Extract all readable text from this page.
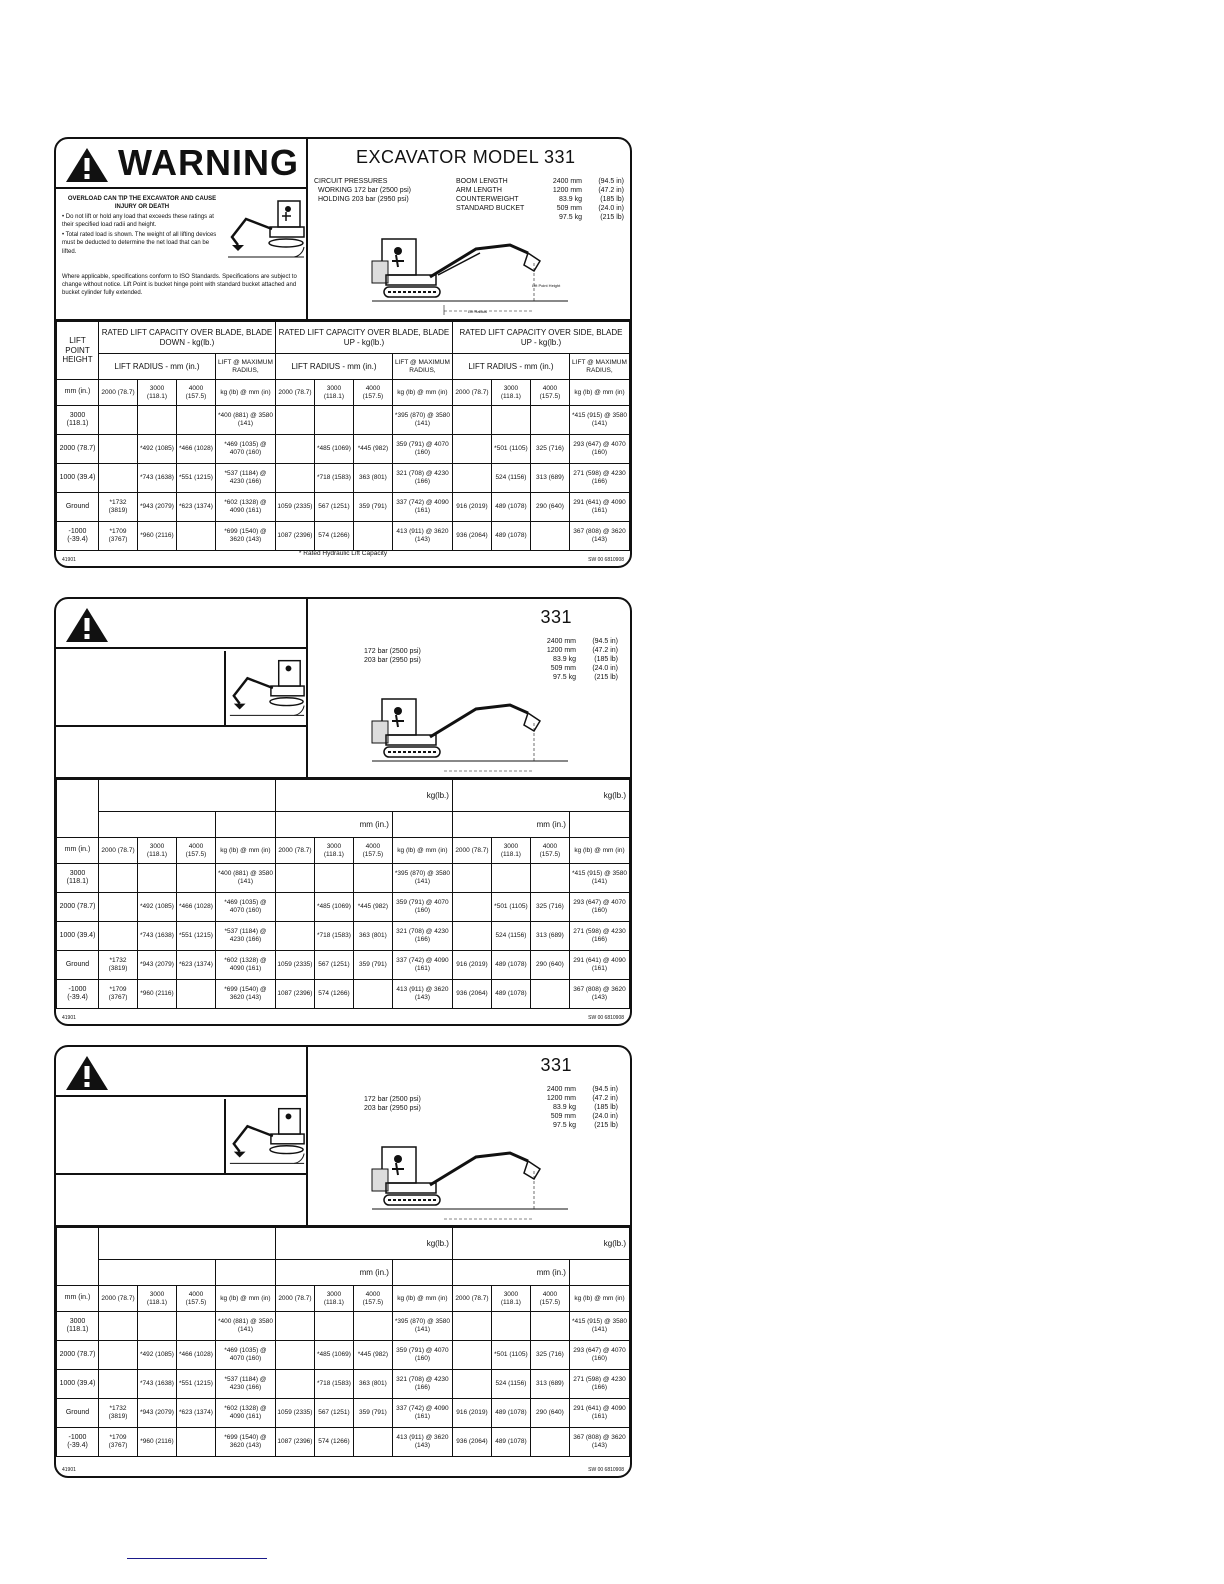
WARNING
OVERLOAD CAN TIP THE EXCAVATOR AND CAUSE INJURY OR DEATH

• Do not lift or hold any load that exceeds these ratings at their specified load radii and height.

• Total rated load is shown. The weight of all lifting devices must be deducted to determine the net load that can be lifted.

Where applicable, specifications conform to ISO Standards. Specifications are subject to change without notice. Lift Point is bucket hinge point with standard bucket attached and bucket cylinder fully extended.
EXCAVATOR MODEL 331
CIRCUIT PRESSURES
WORKING 172 bar (2500 psi)
HOLDING 203 bar (2950 psi)
BOOM LENGTH	2400 mm	(94.5 in)
ARM LENGTH	1200 mm	(47.2 in)
COUNTERWEIGHT	83.9 kg	(185 lb)
STANDARD BUCKET	509 mm	(24.0 in)
97.5 kg	(215 lb)
Lift Point Height
Lift Radius
LIFT POINT HEIGHT	RATED LIFT CAPACITY OVER BLADE, BLADE DOWN - kg(lb.)				RATED LIFT CAPACITY OVER BLADE, BLADE UP - kg(lb.)				RATED LIFT CAPACITY OVER SIDE, BLADE UP - kg(lb.)			
	LIFT RADIUS - mm (in.)			LIFT @ MAXIMUM RADIUS,	LIFT RADIUS - mm (in.)			LIFT @ MAXIMUM RADIUS,	LIFT RADIUS - mm (in.)			LIFT @ MAXIMUM RADIUS,
mm (in.)	2000 (78.7)	3000 (118.1)	4000 (157.5)	kg (lb) @ mm (in)	2000 (78.7)	3000 (118.1)	4000 (157.5)	kg (lb) @ mm (in)	2000 (78.7)	3000 (118.1)	4000 (157.5)	kg (lb) @ mm (in)
3000 (118.1)				*400 (881) @ 3580 (141)				*395 (870) @ 3580 (141)				*415 (915) @ 3580 (141)
2000 (78.7)		*492 (1085)	*466 (1028)	*469 (1035) @ 4070 (160)		*485 (1069)	*445 (982)	359 (791) @ 4070 (160)		*501 (1105)	325 (716)	293 (647) @ 4070 (160)
1000 (39.4)		*743 (1638)	*551 (1215)	*537 (1184) @ 4230 (166)		*718 (1583)	363 (801)	321 (708) @ 4230 (166)		524 (1156)	313 (689)	271 (598) @ 4230 (166)
Ground	*1732 (3819)	*943 (2079)	*623 (1374)	*602 (1328) @ 4090 (161)	1059 (2335)	567 (1251)	359 (791)	337 (742) @ 4090 (161)	916 (2019)	489 (1078)	290 (640)	291 (641) @ 4090 (161)
-1000 (-39.4)	*1709 (3767)	*960 (2116)		*699 (1540) @ 3620 (143)	1087 (2396)	574 (1266)		413 (911) @ 3620 (143)	936 (2064)	489 (1078)		367 (808) @ 3620 (143)
41901
* Rated Hydraulic Lift Capacity
SW 00 6810908
331
172 bar (2500 psi)
203 bar (2950 psi)
2400 mm	(94.5 in)
1200 mm	(47.2 in)
83.9 kg	(185 lb)
509 mm	(24.0 in)
97.5 kg	(215 lb)
					kg(lb.)				kg(lb.)			
					mm (in.)				mm (in.)			
mm (in.)	2000 (78.7)	3000 (118.1)	4000 (157.5)	kg (lb) @ mm (in)	2000 (78.7)	3000 (118.1)	4000 (157.5)	kg (lb) @ mm (in)	2000 (78.7)	3000 (118.1)	4000 (157.5)	kg (lb) @ mm (in)
3000 (118.1)				*400 (881) @ 3580 (141)				*395 (870) @ 3580 (141)				*415 (915) @ 3580 (141)
2000 (78.7)		*492 (1085)	*466 (1028)	*469 (1035) @ 4070 (160)		*485 (1069)	*445 (982)	359 (791) @ 4070 (160)		*501 (1105)	325 (716)	293 (647) @ 4070 (160)
1000 (39.4)		*743 (1638)	*551 (1215)	*537 (1184) @ 4230 (166)		*718 (1583)	363 (801)	321 (708) @ 4230 (166)		524 (1156)	313 (689)	271 (598) @ 4230 (166)
Ground	*1732 (3819)	*943 (2079)	*623 (1374)	*602 (1328) @ 4090 (161)	1059 (2335)	567 (1251)	359 (791)	337 (742) @ 4090 (161)	916 (2019)	489 (1078)	290 (640)	291 (641) @ 4090 (161)
-1000 (-39.4)	*1709 (3767)	*960 (2116)		*699 (1540) @ 3620 (143)	1087 (2396)	574 (1266)		413 (911) @ 3620 (143)	936 (2064)	489 (1078)		367 (808) @ 3620 (143)
41901	SW 00 6810908
331
172 bar (2500 psi)
203 bar (2950 psi)
2400 mm	(94.5 in)
1200 mm	(47.2 in)
83.9 kg	(185 lb)
509 mm	(24.0 in)
97.5 kg	(215 lb)
					kg(lb.)				kg(lb.)			
					mm (in.)				mm (in.)			
mm (in.)	2000 (78.7)	3000 (118.1)	4000 (157.5)	kg (lb) @ mm (in)	2000 (78.7)	3000 (118.1)	4000 (157.5)	kg (lb) @ mm (in)	2000 (78.7)	3000 (118.1)	4000 (157.5)	kg (lb) @ mm (in)
3000 (118.1)				*400 (881) @ 3580 (141)				*395 (870) @ 3580 (141)				*415 (915) @ 3580 (141)
2000 (78.7)		*492 (1085)	*466 (1028)	*469 (1035) @ 4070 (160)		*485 (1069)	*445 (982)	359 (791) @ 4070 (160)		*501 (1105)	325 (716)	293 (647) @ 4070 (160)
1000 (39.4)		*743 (1638)	*551 (1215)	*537 (1184) @ 4230 (166)		*718 (1583)	363 (801)	321 (708) @ 4230 (166)		524 (1156)	313 (689)	271 (598) @ 4230 (166)
Ground	*1732 (3819)	*943 (2079)	*623 (1374)	*602 (1328) @ 4090 (161)	1059 (2335)	567 (1251)	359 (791)	337 (742) @ 4090 (161)	916 (2019)	489 (1078)	290 (640)	291 (641) @ 4090 (161)
-1000 (-39.4)	*1709 (3767)	*960 (2116)		*699 (1540) @ 3620 (143)	1087 (2396)	574 (1266)		413 (911) @ 3620 (143)	936 (2064)	489 (1078)		367 (808) @ 3620 (143)
41901	SW 00 6810908
